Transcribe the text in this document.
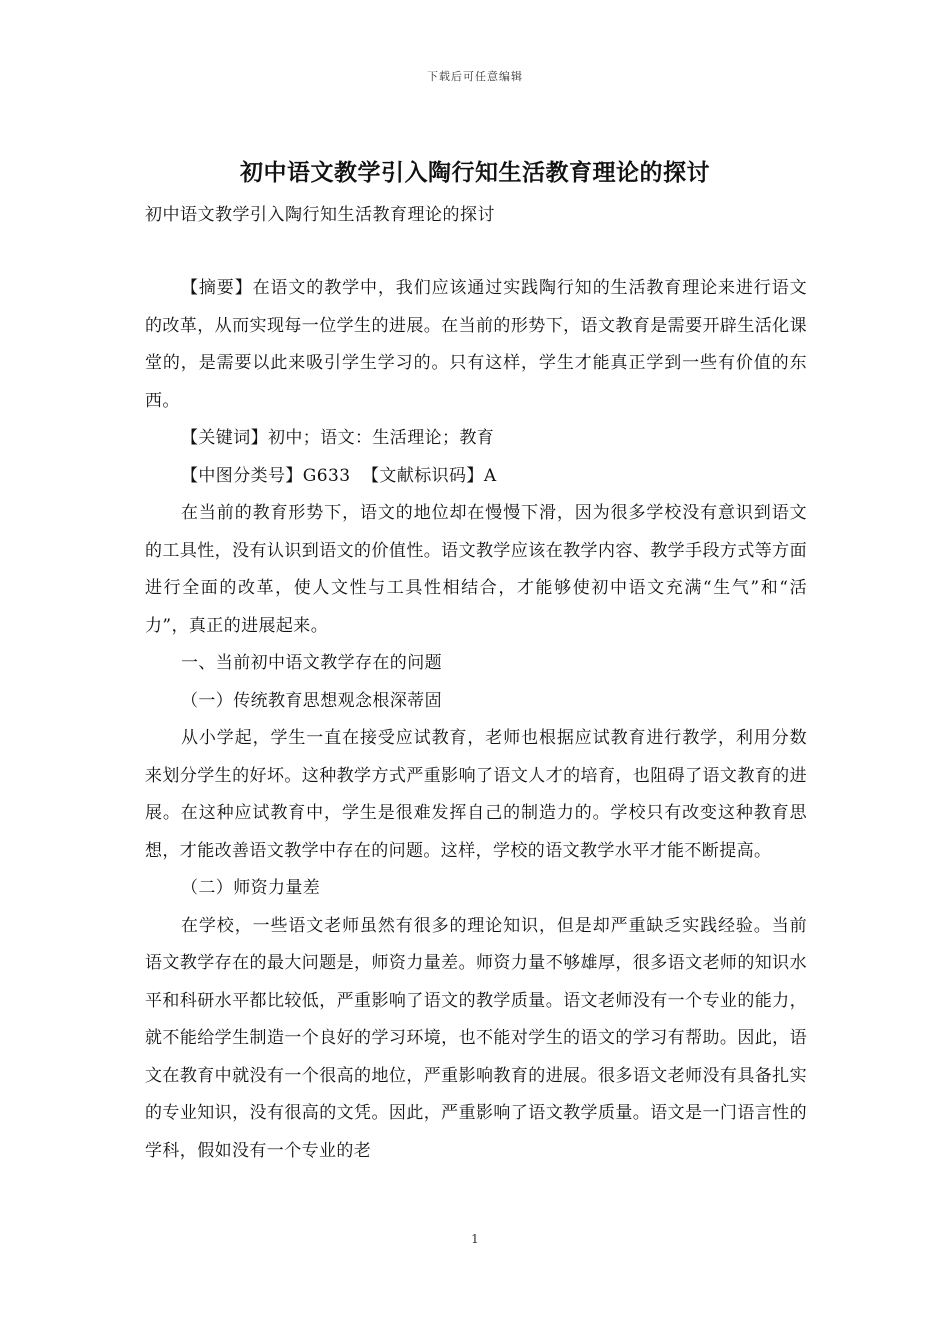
下载后可任意编辑
初中语文教学引入陶行知生活教育理论的探讨
初中语文教学引入陶行知生活教育理论的探讨

【摘要】在语文的教学中，我们应该通过实践陶行知的生活教育理论来进行语文的改革，从而实现每一位学生的进展。在当前的形势下，语文教育是需要开辟生活化课堂的，是需要以此来吸引学生学习的。只有这样，学生才能真正学到一些有价值的东西。

【关键词】初中；语文：生活理论；教育

【中图分类号】G633  【文献标识码】A

在当前的教育形势下，语文的地位却在慢慢下滑，因为很多学校没有意识到语文的工具性，没有认识到语文的价值性。语文教学应该在教学内容、教学手段方式等方面进行全面的改革，使人文性与工具性相结合，才能够使初中语文充满“生气”和“活力”，真正的进展起来。

一、当前初中语文教学存在的问题

（一）传统教育思想观念根深蒂固

从小学起，学生一直在接受应试教育，老师也根据应试教育进行教学，利用分数来划分学生的好坏。这种教学方式严重影响了语文人才的培育，也阻碍了语文教育的进展。在这种应试教育中，学生是很难发挥自己的制造力的。学校只有改变这种教育思想，才能改善语文教学中存在的问题。这样，学校的语文教学水平才能不断提高。

（二）师资力量差

在学校，一些语文老师虽然有很多的理论知识，但是却严重缺乏实践经验。当前语文教学存在的最大问题是，师资力量差。师资力量不够雄厚，很多语文老师的知识水平和科研水平都比较低，严重影响了语文的教学质量。语文老师没有一个专业的能力，就不能给学生制造一个良好的学习环境，也不能对学生的语文的学习有帮助。因此，语文在教育中就没有一个很高的地位，严重影响教育的进展。很多语文老师没有具备扎实的专业知识，没有很高的文凭。因此，严重影响了语文教学质量。语文是一门语言性的学科，假如没有一个专业的老

1
